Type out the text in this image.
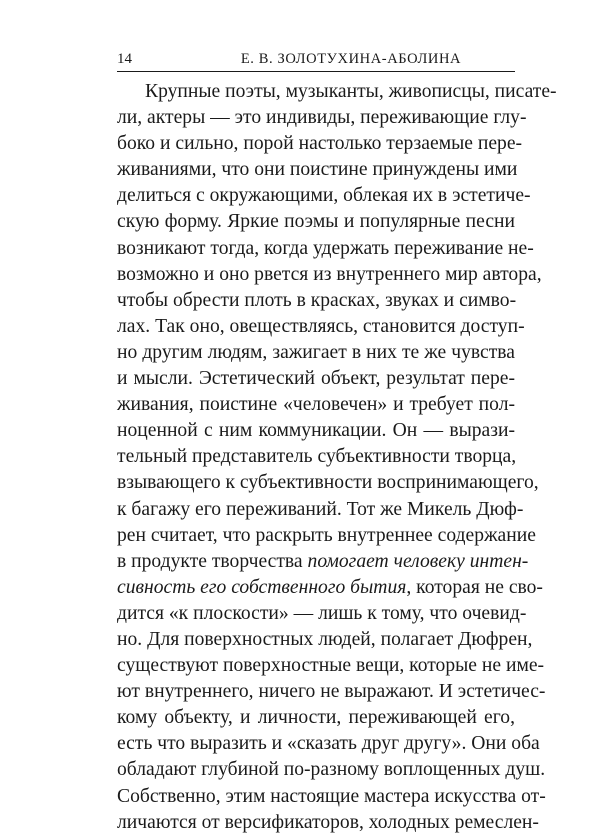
14	Е. В. ЗОЛОТУХИНА-АБОЛИНА
Крупные поэты, музыканты, живописцы, писате-
ли, актеры — это индивиды, переживающие глу-
боко и сильно, порой настолько терзаемые пере-
живаниями, что они поистине принуждены ими
делиться с окружающими, облекая их в эстетиче-
скую форму. Яркие поэмы и популярные песни
возникают тогда, когда удержать переживание не-
возможно и оно рвется из внутреннего мир автора,
чтобы обрести плоть в красках, звуках и симво-
лах. Так оно, овеществляясь, становится доступ-
но другим людям, зажигает в них те же чувства
и мысли. Эстетический объект, результат пере-
живания, поистине «человечен» и требует пол-
ноценной с ним коммуникации. Он — вырази-
тельный представитель субъективности творца,
взывающего к субъективности воспринимающего,
к багажу его переживаний. Тот же Микель Дюф-
рен считает, что раскрыть внутреннее содержание
в продукте творчества помогает человеку интен-
сивность его собственного бытия, которая не сво-
дится «к плоскости» — лишь к тому, что очевид-
но. Для поверхностных людей, полагает Дюфрен,
существуют поверхностные вещи, которые не име-
ют внутреннего, ничего не выражают. И эстетичес-
кому объекту, и личности, переживающей его,
есть что выразить и «сказать друг другу». Они оба
обладают глубиной по-разному воплощенных душ.
Собственно, этим настоящие мастера искусства от-
личаются от версификаторов, холодных ремеслен-
